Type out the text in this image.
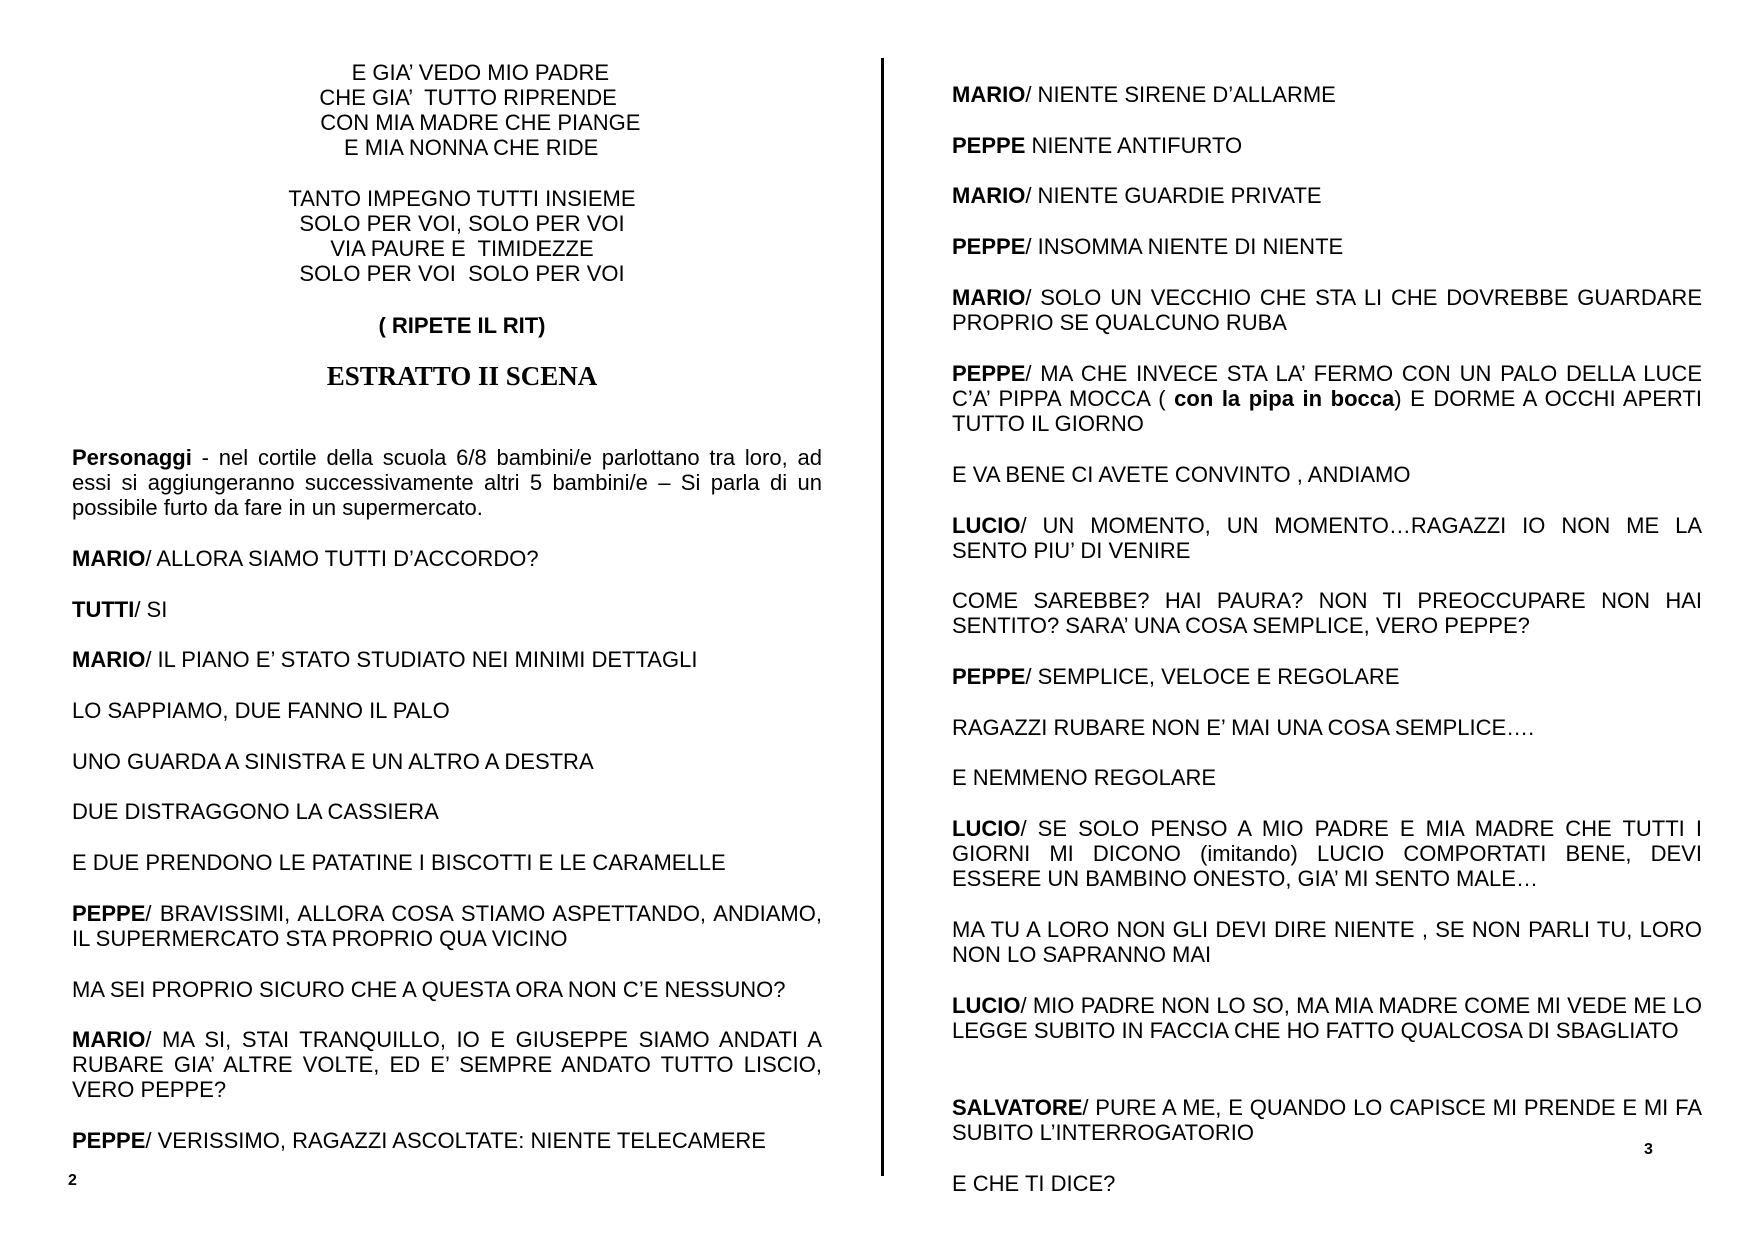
E GIA’ VEDO MIO PADRE
CHE GIA’  TUTTO RIPRENDE
CON MIA MADRE CHE PIANGE
E MIA NONNA CHE RIDE
TANTO IMPEGNO TUTTI INSIEME
SOLO PER VOI, SOLO PER VOI
VIA PAURE E  TIMIDEZZE
SOLO PER VOI  SOLO PER VOI
( RIPETE IL RIT)
ESTRATTO II SCENA
Personaggi - nel cortile della scuola 6/8 bambini/e parlottano tra loro, ad essi si aggiungeranno successivamente altri 5 bambini/e – Si parla di un possibile furto da fare in un supermercato.
MARIO/ ALLORA SIAMO TUTTI D’ACCORDO?
TUTTI/ SI
MARIO/ IL PIANO E’ STATO STUDIATO NEI MINIMI DETTAGLI
LO SAPPIAMO, DUE FANNO IL PALO
UNO GUARDA A SINISTRA E UN ALTRO A DESTRA
DUE DISTRAGGONO LA CASSIERA
E DUE PRENDONO LE PATATINE I BISCOTTI E LE CARAMELLE
PEPPE/ BRAVISSIMI, ALLORA COSA STIAMO ASPETTANDO, ANDIAMO, IL SUPERMERCATO STA PROPRIO QUA VICINO
MA SEI PROPRIO SICURO CHE A QUESTA ORA NON C’E NESSUNO?
MARIO/ MA SI, STAI TRANQUILLO, IO E GIUSEPPE SIAMO ANDATI A RUBARE GIA’ ALTRE VOLTE, ED E’ SEMPRE ANDATO TUTTO LISCIO, VERO PEPPE?
PEPPE/ VERISSIMO, RAGAZZI ASCOLTATE: NIENTE TELECAMERE
2
MARIO/ NIENTE SIRENE D’ALLARME
PEPPE NIENTE ANTIFURTO
MARIO/ NIENTE GUARDIE PRIVATE
PEPPE/ INSOMMA NIENTE DI NIENTE
MARIO/ SOLO UN VECCHIO CHE STA LI CHE DOVREBBE GUARDARE PROPRIO SE QUALCUNO RUBA
PEPPE/ MA CHE INVECE STA LA’ FERMO CON UN PALO DELLA LUCE C’A’ PIPPA MOCCA ( con la pipa in bocca) E DORME A OCCHI APERTI TUTTO IL GIORNO
E VA BENE CI AVETE CONVINTO , ANDIAMO
LUCIO/ UN MOMENTO, UN MOMENTO…RAGAZZI IO NON ME LA SENTO PIU’ DI VENIRE
COME SAREBBE? HAI PAURA? NON TI PREOCCUPARE NON HAI SENTITO? SARA’ UNA COSA SEMPLICE, VERO PEPPE?
PEPPE/ SEMPLICE, VELOCE E REGOLARE
RAGAZZI RUBARE NON E’ MAI UNA COSA SEMPLICE….
E NEMMENO REGOLARE
LUCIO/ SE SOLO PENSO A MIO PADRE E MIA MADRE CHE TUTTI I GIORNI MI DICONO (imitando) LUCIO COMPORTATI BENE, DEVI ESSERE UN BAMBINO ONESTO, GIA’ MI SENTO MALE…
MA TU A LORO NON GLI DEVI DIRE NIENTE , SE NON PARLI TU, LORO NON LO SAPRANNO MAI
LUCIO/ MIO PADRE NON LO SO, MA MIA MADRE COME MI VEDE ME LO LEGGE SUBITO IN FACCIA CHE HO FATTO QUALCOSA DI SBAGLIATO
SALVATORE/ PURE A ME, E QUANDO LO CAPISCE MI PRENDE E MI FA SUBITO L’INTERROGATORIO
E CHE TI DICE?
3
